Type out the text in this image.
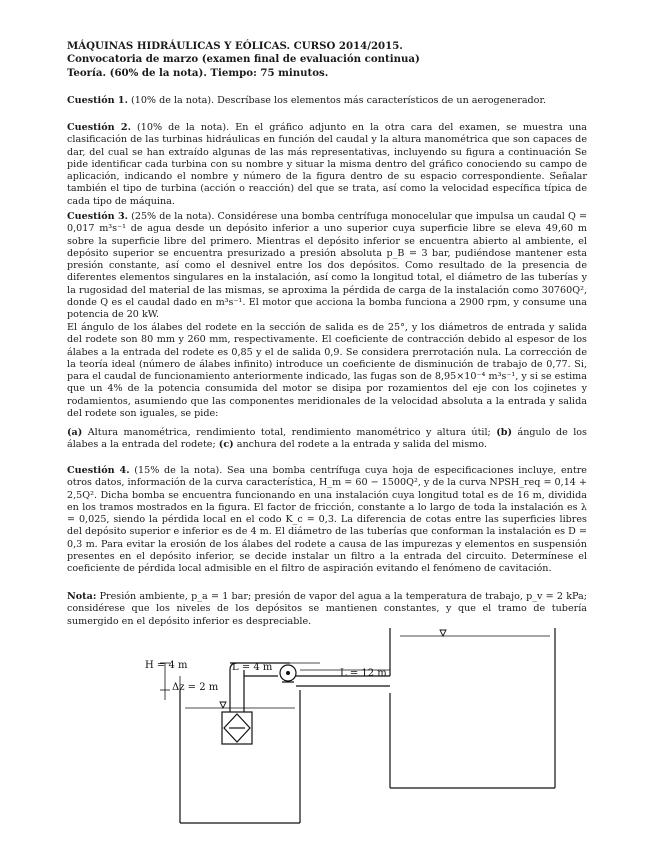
MÁQUINAS HIDRÁULICAS Y EÓLICAS. CURSO 2014/2015.
Convocatoria de marzo (examen final de evaluación continua)
Teoría. (60% de la nota). Tiempo: 75 minutos.
Cuestión 1. (10% de la nota). Descríbase los elementos más característicos de un aerogenerador.
Cuestión 2. (10% de la nota). En el gráfico adjunto en la otra cara del examen, se muestra una clasificación de las turbinas hidráulicas en función del caudal y la altura manométrica que son capaces de dar, del cual se han extraído algunas de las más representativas, incluyendo su figura a continuación Se pide identificar cada turbina con su nombre y situar la misma dentro del gráfico conociendo su campo de aplicación, indicando el nombre y número de la figura dentro de su espacio correspondiente. Señalar también el tipo de turbina (acción o reacción) del que se trata, así como la velocidad específica típica de cada tipo de máquina.
Cuestión 3. (25% de la nota). Considérese una bomba centrífuga monocelular que impulsa un caudal Q = 0,017 m³s⁻¹ de agua desde un depósito inferior a uno superior cuya superficie libre se eleva 49,60 m sobre la superficie libre del primero. Mientras el depósito inferior se encuentra abierto al ambiente, el depósito superior se encuentra presurizado a presión absoluta p_B = 3 bar, pudiéndose mantener esta presión constante, así como el desnivel entre los dos depósitos. Como resultado de la presencia de diferentes elementos singulares en la instalación, así como la longitud total, el diámetro de las tuberías y la rugosidad del material de las mismas, se aproxima la pérdida de carga de la instalación como 30760Q², donde Q es el caudal dado en m³s⁻¹. El motor que acciona la bomba funciona a 2900 rpm, y consume una potencia de 20 kW.
El ángulo de los álabes del rodete en la sección de salida es de 25°, y los diámetros de entrada y salida del rodete son 80 mm y 260 mm, respectivamente. El coeficiente de contracción debido al espesor de los álabes a la entrada del rodete es 0,85 y el de salida 0,9. Se considera prerrotación nula. La corrección de la teoría ideal (número de álabes infinito) introduce un coeficiente de disminución de trabajo de 0,77. Si, para el caudal de funcionamiento anteriormente indicado, las fugas son de 8,95×10⁻⁴ m³s⁻¹, y si se estima que un 4% de la potencia consumida del motor se disipa por rozamientos del eje con los cojinetes y rodamientos, asumiendo que las componentes meridionales de la velocidad absoluta a la entrada y salida del rodete son iguales, se pide:
(a) Altura manométrica, rendimiento total, rendimiento manométrico y altura útil; (b) ángulo de los álabes a la entrada del rodete; (c) anchura del rodete a la entrada y salida del mismo.
Cuestión 4. (15% de la nota). Sea una bomba centrífuga cuya hoja de especificaciones incluye, entre otros datos, información de la curva característica, H_m = 60 − 1500Q², y de la curva NPSH_req = 0,14 + 2,5Q². Dicha bomba se encuentra funcionando en una instalación cuya longitud total es de 16 m, dividida en los tramos mostrados en la figura. El factor de fricción, constante a lo largo de toda la instalación es λ = 0,025, siendo la pérdida local en el codo K_c = 0,3. La diferencia de cotas entre las superficies libres del depósito superior e inferior es de 4 m. El diámetro de las tuberías que conforman la instalación es D = 0,3 m. Para evitar la erosión de los álabes del rodete a causa de las impurezas y elementos en suspensión presentes en el depósito inferior, se decide instalar un filtro a la entrada del circuito. Determínese el coeficiente de pérdida local admisible en el filtro de aspiración evitando el fenómeno de cavitación.
Nota: Presión ambiente, p_a = 1 bar; presión de vapor del agua a la temperatura de trabajo, p_v = 2 kPa; considérese que los niveles de los depósitos se mantienen constantes, y que el tramo de tubería sumergido en el depósito inferior es despreciable.
H = 4 m	L = 4 m
L = 12 m
Δz = 2 m
